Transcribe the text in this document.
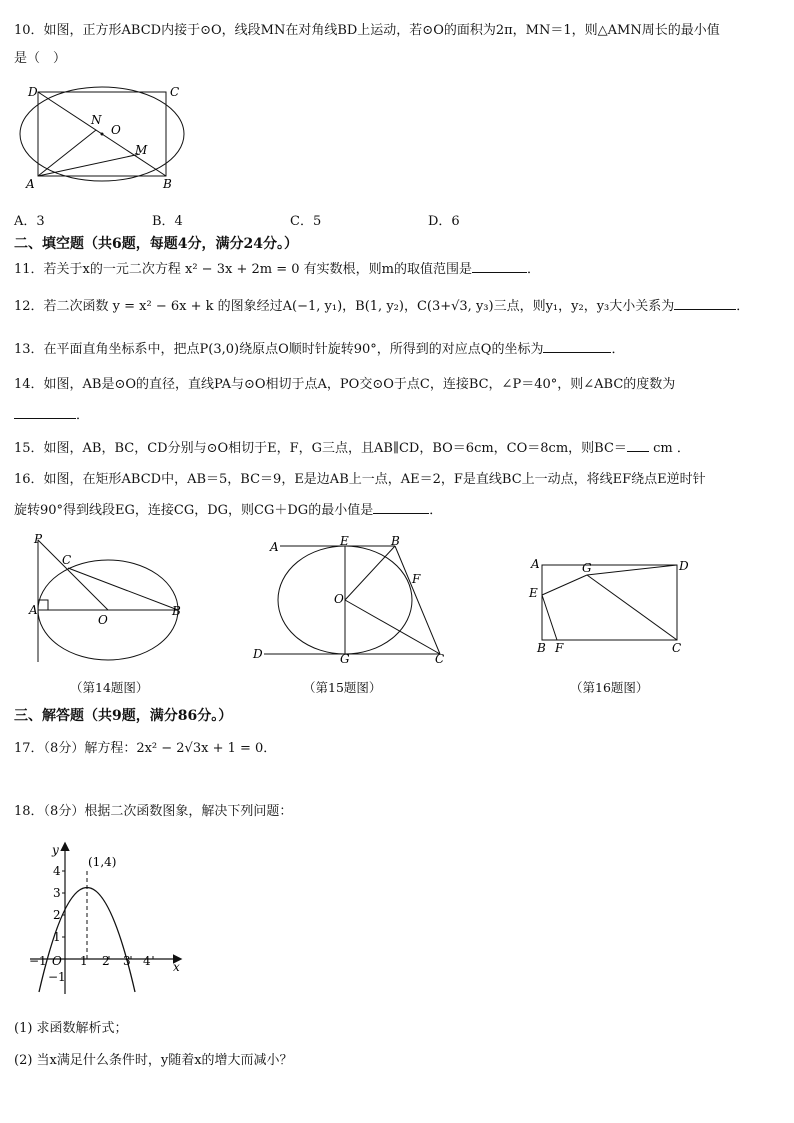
10．如图，正方形ABCD内接于⊙O，线段MN在对角线BD上运动，若⊙O的面积为2π，MN＝1，则△AMN周长的最小值
是（　）
D	C
N
O
M
A	B
A．3	B．4	C．5	D．6
二、填空题（共6题，每题4分，满分24分。）
11．若关于x的一元二次方程 x² − 3x + 2m = 0 有实数根，则m的取值范围是	．
12．若二次函数 y = x² − 6x + k 的图象经过A(−1, y₁)，B(1, y₂)，C(3+√3, y₃)三点，则y₁，y₂，y₃大小关系为	．
13．在平面直角坐标系中，把点P(3,0)绕原点O顺时针旋转90°，所得到的对应点Q的坐标为	．
14．如图，AB是⊙O的直径，直线PA与⊙O相切于点A，PO交⊙O于点C，连接BC，∠P＝40°，则∠ABC的度数为
．
15．如图，AB，BC，CD分别与⊙O相切于E，F，G三点，且AB∥CD，BO＝6cm，CO＝8cm，则BC＝ cm ．
16．如图，在矩形ABCD中，AB＝5，BC＝9，E是边AB上一点，AE＝2，F是直线BC上一动点，将线EF绕点E逆时针
旋转90°得到线段EG，连接CG，DG，则CG＋DG的最小值是	．
P
C
A
O
B
（第14题图）
A	E	B
F
O
D	G	C
（第15题图）
A	G	D
E
B F	C
（第16题图）
三、解答题（共9题，满分86分。）
17．（8分）解方程：2x² − 2√3x + 1 = 0．
18．（8分）根据二次函数图象，解决下列问题：
y
x
(1,4)
4
3
2
1
−1
−1 O 1 2 3 4
(1) 求函数解析式；
(2) 当x满足什么条件时，y随着x的增大而减小？
